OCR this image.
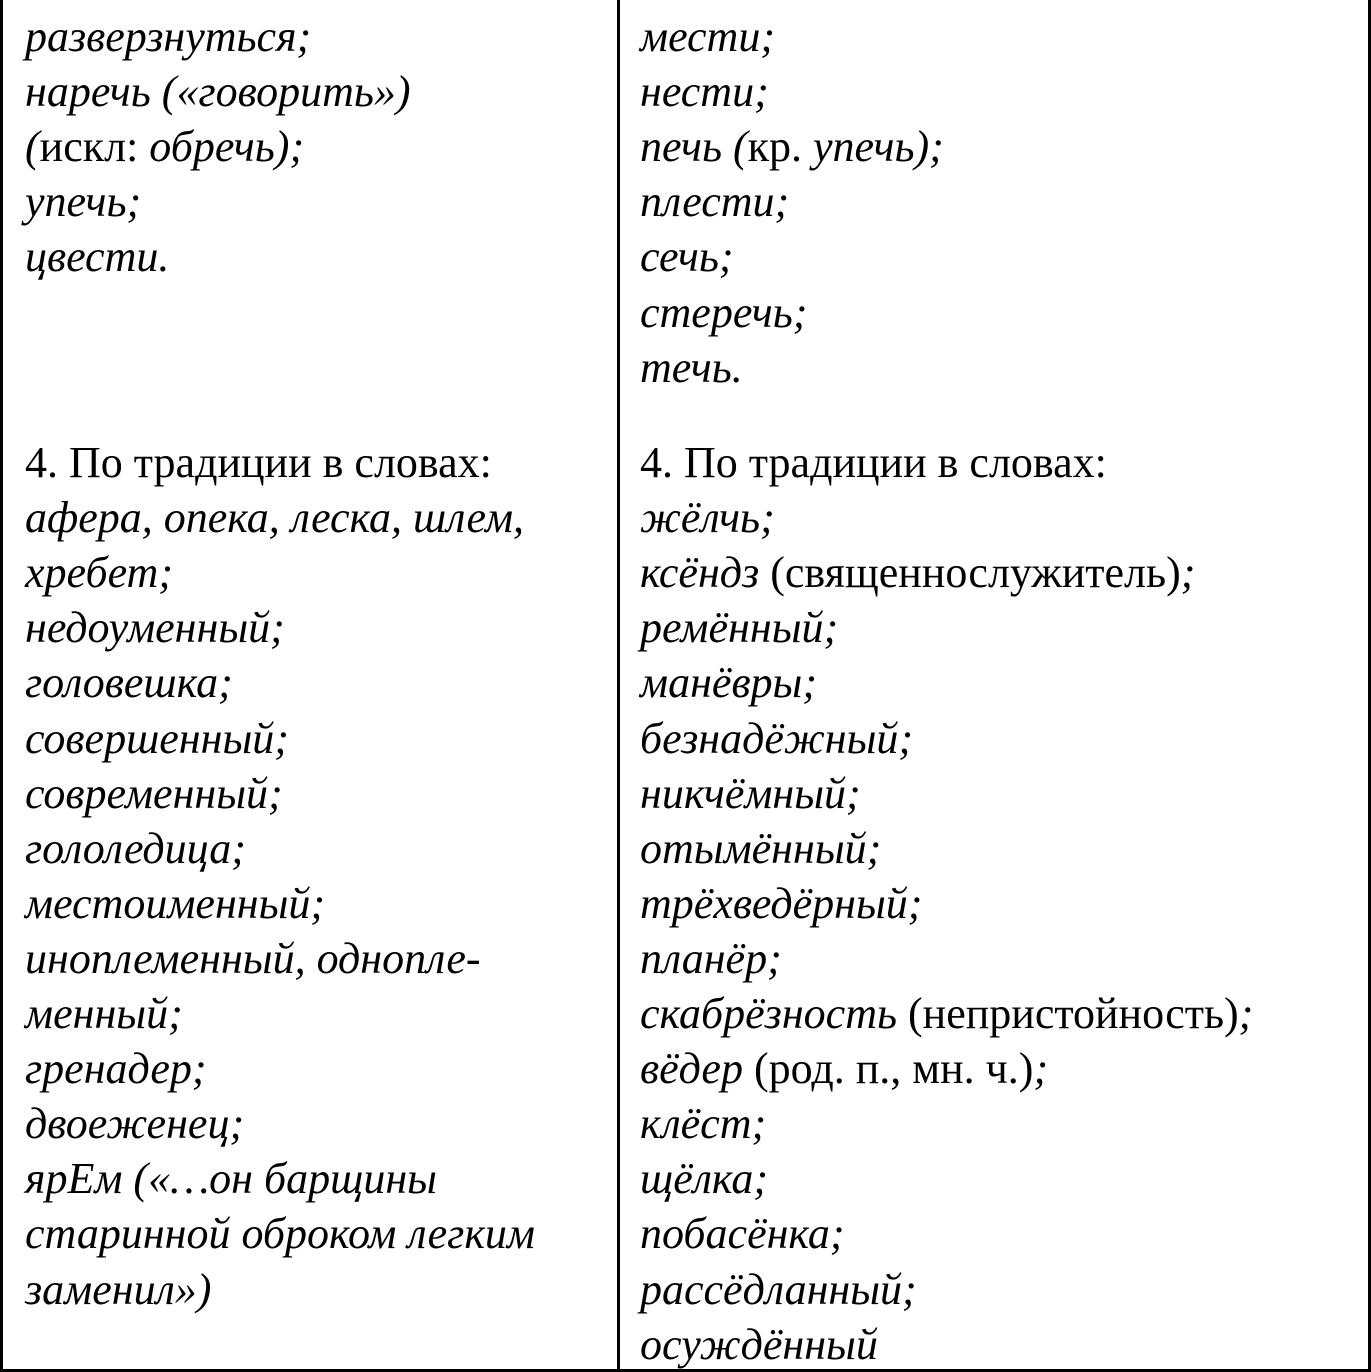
разверзнуться;
наречь («говорить»)
(искл: обречь);
упечь;
цвести.
4. По традиции в словах:
афера, опека, леска, шлем,
хребет;
недоуменный;
головешка;
совершенный;
современный;
гололедица;
местоименный;
иноплеменный, однопле-
менный;
гренадер;
двоеженец;
ярЕм («…он барщины
старинной оброком легким
заменил»)
мести;
нести;
печь (кр. упечь);
плести;
сечь;
стеречь;
течь.
4. По традиции в словах:
жёлчь;
ксёндз (священнослужитель);
ремённый;
манёвры;
безнадёжный;
никчёмный;
отымённый;
трёхведёрный;
планёр;
скабрёзность (непристойность);
вёдер (род. п., мн. ч.);
клёст;
щёлка;
побасёнка;
рассёдланный;
осуждённый
